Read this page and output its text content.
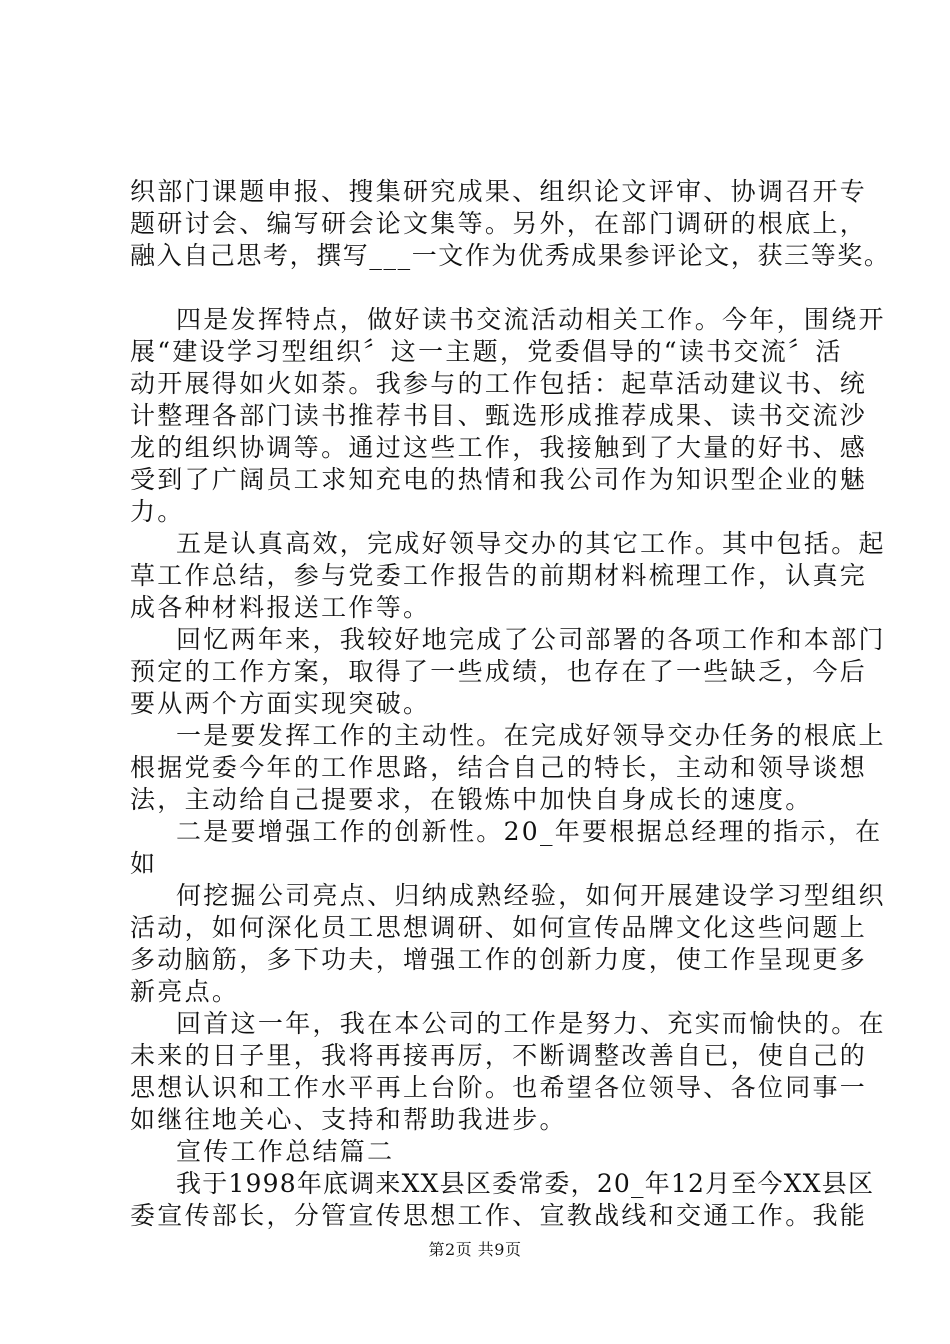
织部门课题申报、搜集研究成果、组织论文评审、协调召开专
题研讨会、编写研会论文集等。另外，在部门调研的根底上，
融入自己思考，撰写___一文作为优秀成果参评论文，获三等奖。
四是发挥特点，做好读书交流活动相关工作。今年，围绕开
展“建设学习型组织〞这一主题，党委倡导的“读书交流〞活
动开展得如火如荼。我参与的工作包括：起草活动建议书、统
计整理各部门读书推荐书目、甄选形成推荐成果、读书交流沙
龙的组织协调等。通过这些工作，我接触到了大量的好书、感
受到了广阔员工求知充电的热情和我公司作为知识型企业的魅
力。
五是认真高效，完成好领导交办的其它工作。其中包括。起
草工作总结，参与党委工作报告的前期材料梳理工作，认真完
成各种材料报送工作等。
回忆两年来，我较好地完成了公司部署的各项工作和本部门
预定的工作方案，取得了一些成绩，也存在了一些缺乏，今后
要从两个方面实现突破。
一是要发挥工作的主动性。在完成好领导交办任务的根底上
根据党委今年的工作思路，结合自己的特长，主动和领导谈想
法，主动给自己提要求，在锻炼中加快自身成长的速度。
二是要增强工作的创新性。20_年要根据总经理的指示，在
如
何挖掘公司亮点、归纳成熟经验，如何开展建设学习型组织
活动，如何深化员工思想调研、如何宣传品牌文化这些问题上
多动脑筋，多下功夫，增强工作的创新力度，使工作呈现更多
新亮点。
回首这一年，我在本公司的工作是努力、充实而愉快的。在
未来的日子里，我将再接再厉，不断调整改善自已，使自己的
思想认识和工作水平再上台阶。也希望各位领导、各位同事一
如继往地关心、支持和帮助我进步。
宣传工作总结篇二
我于1998年底调来XX县区委常委，20_年12月至今XX县区
委宣传部长，分管宣传思想工作、宣教战线和交通工作。我能
第2页 共9页
